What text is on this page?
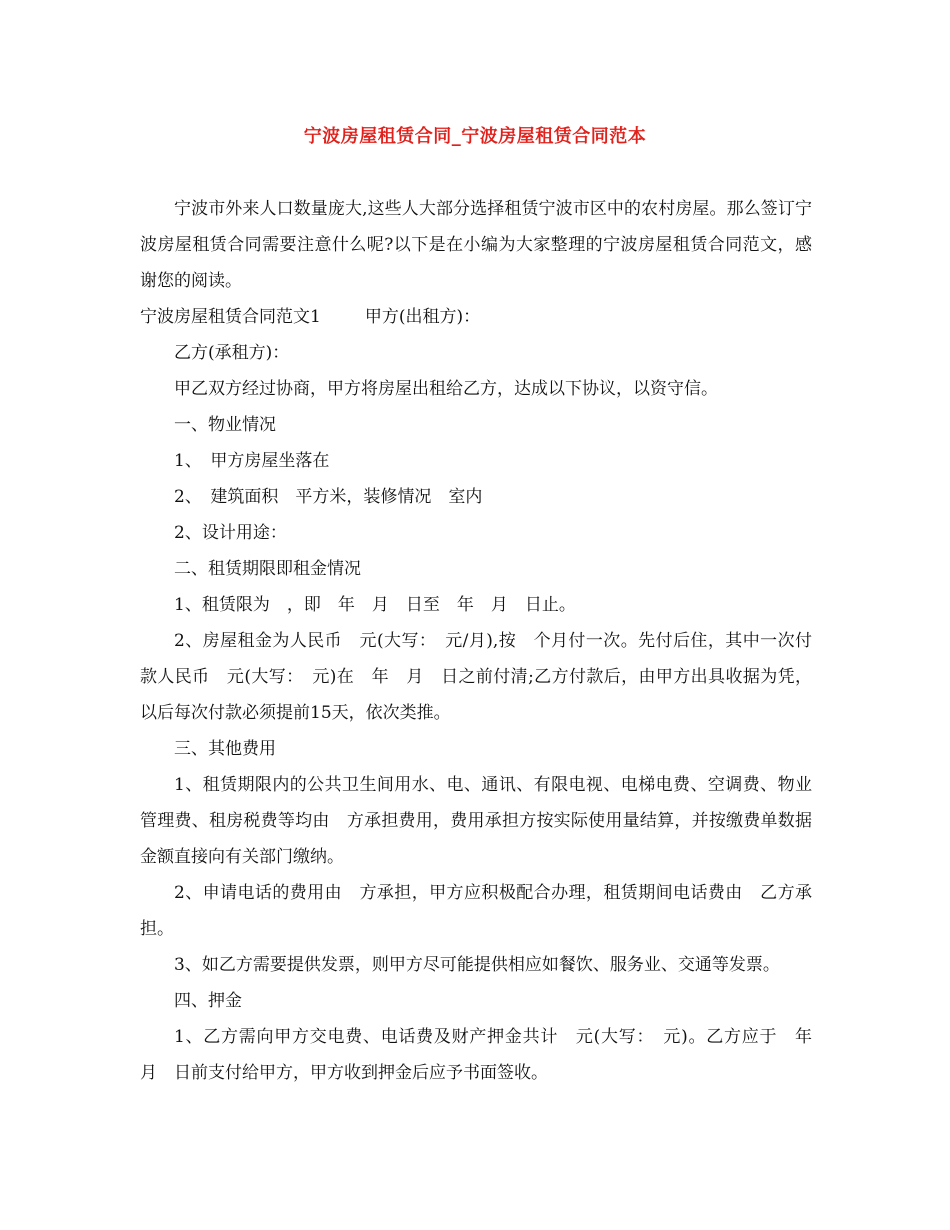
宁波房屋租赁合同_宁波房屋租赁合同范本

宁波市外来人口数量庞大,这些人大部分选择租赁宁波市区中的农村房屋。那么签订宁波房屋租赁合同需要注意什么呢?以下是在小编为大家整理的宁波房屋租赁合同范文，感谢您的阅读。

宁波房屋租赁合同范文1	甲方(出租方)：

乙方(承租方)：

甲乙双方经过协商，甲方将房屋出租给乙方，达成以下协议，以资守信。

一、物业情况

1、　甲方房屋坐落在

2、　建筑面积　平方米，装修情况　室内

2、设计用途：

二、租赁期限即租金情况

1、租赁限为　，即　年　月　日至　年　月　日止。

2、房屋租金为人民币　元(大写：　元/月),按　个月付一次。先付后住，其中一次付款人民币　元(大写：　元)在　年　月　日之前付清;乙方付款后，由甲方出具收据为凭，以后每次付款必须提前15天，依次类推。

三、其他费用

1、租赁期限内的公共卫生间用水、电、通讯、有限电视、电梯电费、空调费、物业管理费、租房税费等均由　方承担费用，费用承担方按实际使用量结算，并按缴费单数据金额直接向有关部门缴纳。

2、申请电话的费用由　方承担，甲方应积极配合办理，租赁期间电话费由　乙方承担。

3、如乙方需要提供发票，则甲方尽可能提供相应如餐饮、服务业、交通等发票。

四、押金

1、乙方需向甲方交电费、电话费及财产押金共计　元(大写：　元)。乙方应于　年　月　日前支付给甲方，甲方收到押金后应予书面签收。
